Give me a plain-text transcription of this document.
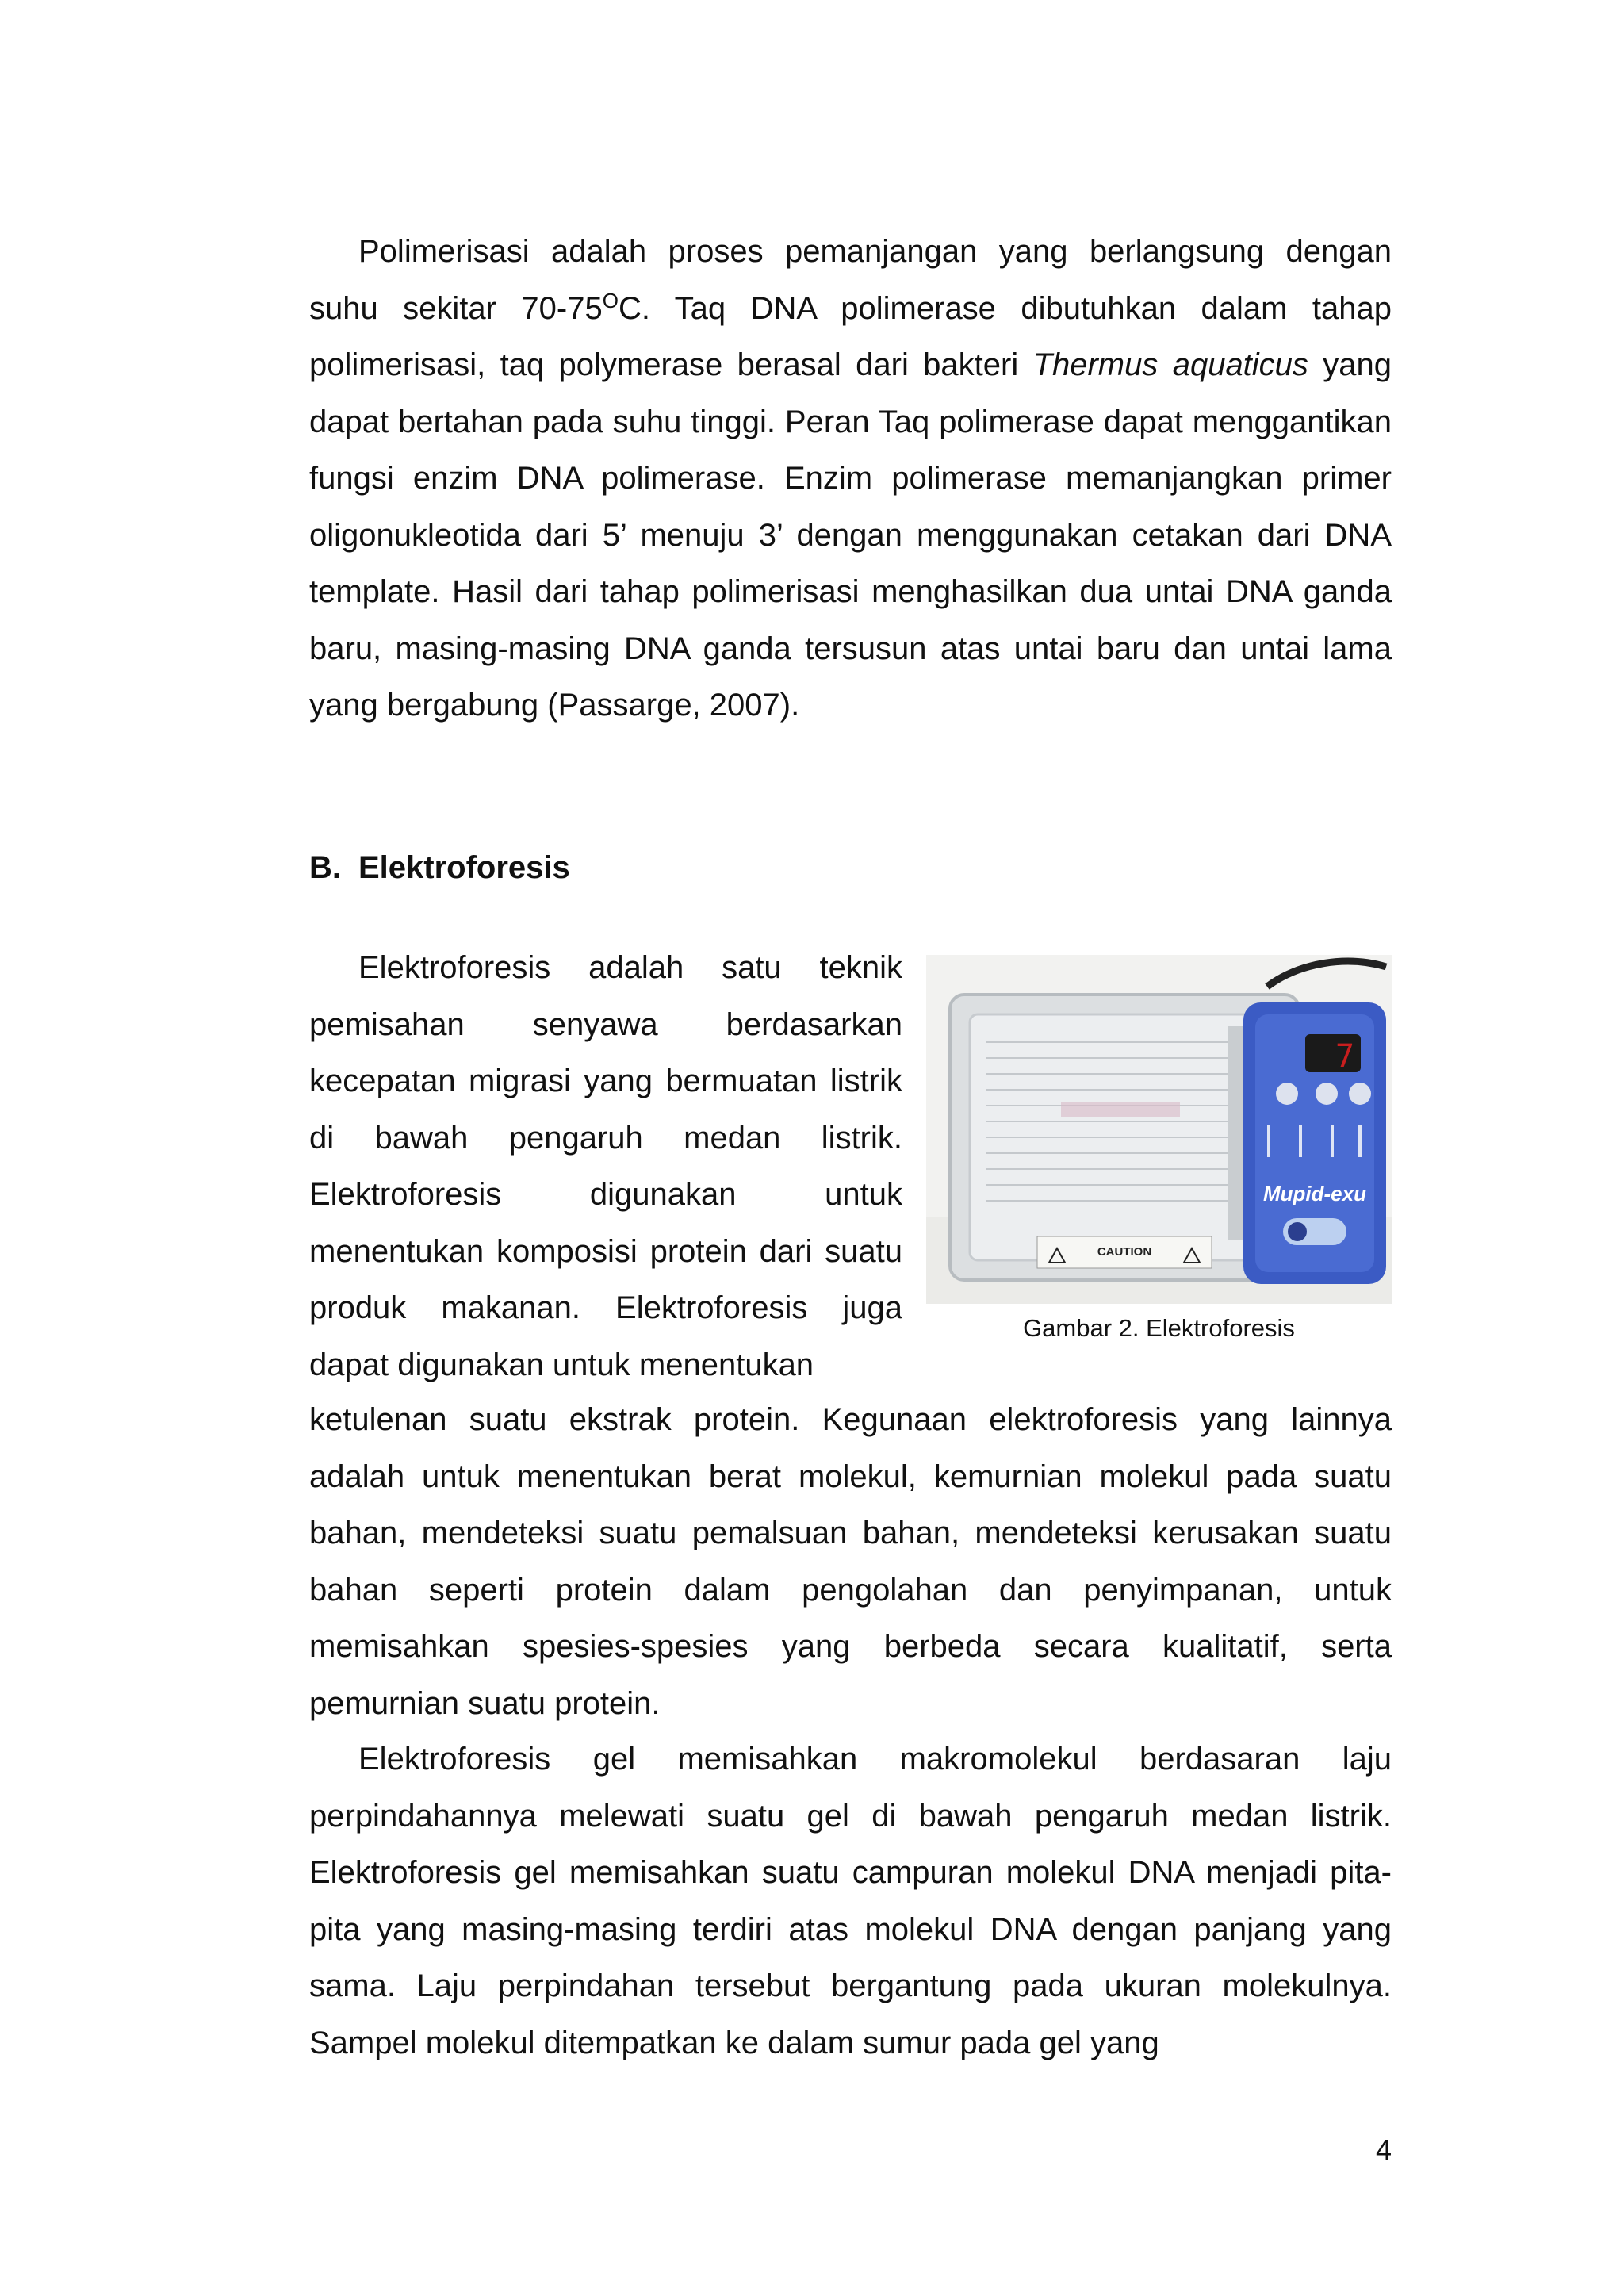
Polimerisasi adalah proses pemanjangan yang berlangsung dengan suhu sekitar $70-75^OC$. Taq DNA polimerase dibutuhkan dalam tahap polimerisasi, taq polymerase berasal dari bakteri Thermus aquaticus yang dapat bertahan pada suhu tinggi. Peran Taq polimerase dapat menggantikan fungsi enzim DNA polimerase. Enzim polimerase memanjangkan primer oligonukleotida dari 5’ menuju 3’ dengan menggunakan cetakan dari DNA template. Hasil dari tahap polimerisasi menghasilkan dua untai DNA ganda baru, masing-masing DNA ganda tersusun atas untai baru dan untai lama yang bergabung (Passarge, 2007).

B. Elektroforesis

Elektroforesis adalah satu teknik pemisahan senyawa berdasarkan kecepatan migrasi yang bermuatan listrik di bawah pengaruh medan listrik. Elektroforesis digunakan untuk menentukan komposisi protein dari suatu produk makanan. Elektroforesis juga dapat digunakan untuk menentukan

CAUTION
7
Mupid-exu
Gambar 2. Elektroforesis

ketulenan suatu ekstrak protein. Kegunaan elektroforesis yang lainnya adalah untuk menentukan berat molekul, kemurnian molekul pada suatu bahan, mendeteksi suatu pemalsuan bahan, mendeteksi kerusakan suatu bahan seperti protein dalam pengolahan dan penyimpanan, untuk memisahkan spesies-spesies yang berbeda secara kualitatif, serta pemurnian suatu protein.

Elektroforesis gel memisahkan makromolekul berdasaran laju perpindahannya melewati suatu gel di bawah pengaruh medan listrik. Elektroforesis gel memisahkan suatu campuran molekul DNA menjadi pita-pita yang masing-masing terdiri atas molekul DNA dengan panjang yang sama. Laju perpindahan tersebut bergantung pada ukuran molekulnya. Sampel molekul ditempatkan ke dalam sumur pada gel yang

4
